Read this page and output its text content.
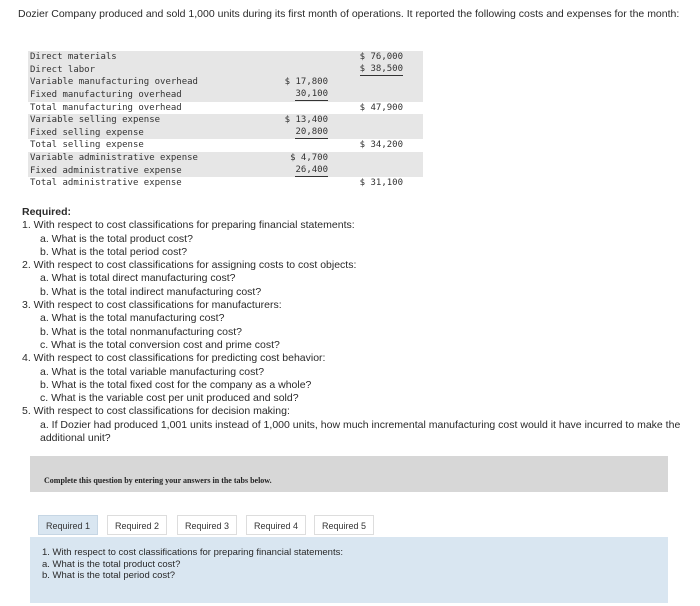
Dozier Company produced and sold 1,000 units during its first month of operations. It reported the following costs and expenses for the month:
Direct materials	$ 76,000
Direct labor	$ 38,500
Variable manufacturing overhead	$ 17,800
Fixed manufacturing overhead	30,100
Total manufacturing overhead	$ 47,900
Variable selling expense	$ 13,400
Fixed selling expense	20,800
Total selling expense	$ 34,200
Variable administrative expense	$ 4,700
Fixed administrative expense	26,400
Total administrative expense	$ 31,100
Required:
1. With respect to cost classifications for preparing financial statements:
a. What is the total product cost?
b. What is the total period cost?
2. With respect to cost classifications for assigning costs to cost objects:
a. What is total direct manufacturing cost?
b. What is the total indirect manufacturing cost?
3. With respect to cost classifications for manufacturers:
a. What is the total manufacturing cost?
b. What is the total nonmanufacturing cost?
c. What is the total conversion cost and prime cost?
4. With respect to cost classifications for predicting cost behavior:
a. What is the total variable manufacturing cost?
b. What is the total fixed cost for the company as a whole?
c. What is the variable cost per unit produced and sold?
5. With respect to cost classifications for decision making:
a. If Dozier had produced 1,001 units instead of 1,000 units, how much incremental manufacturing cost would it have incurred to make the additional unit?
Complete this question by entering your answers in the tabs below.
Required 1	Required 2	Required 3	Required 4	Required 5
1. With respect to cost classifications for preparing financial statements:
a. What is the total product cost?
b. What is the total period cost?
